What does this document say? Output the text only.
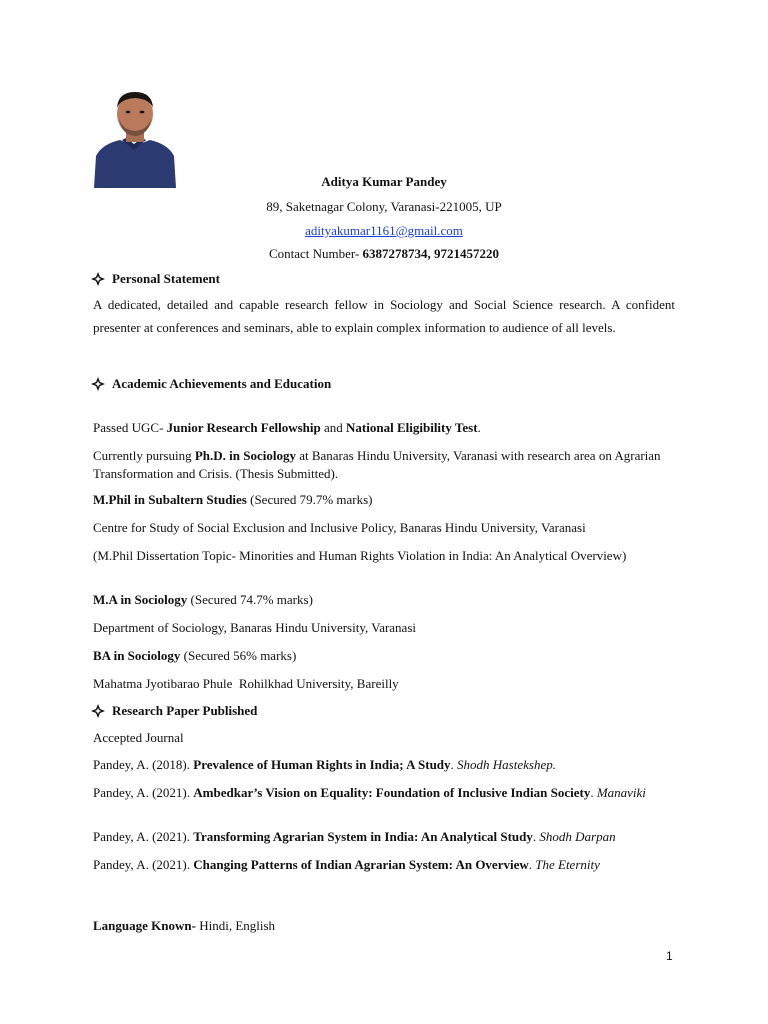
Aditya Kumar Pandey
89, Saketnagar Colony, Varanasi-221005, UP
adityakumar1161@gmail.com
Contact Number- 6387278734, 9721457220
Personal Statement
A dedicated, detailed and capable research fellow in Sociology and Social Science research. A confident presenter at conferences and seminars, able to explain complex information to audience of all levels.
Academic Achievements and Education
Passed UGC- Junior Research Fellowship and National Eligibility Test.
Currently pursuing Ph.D. in Sociology at Banaras Hindu University, Varanasi with research area on Agrarian Transformation and Crisis. (Thesis Submitted).
M.Phil in Subaltern Studies (Secured 79.7% marks)
Centre for Study of Social Exclusion and Inclusive Policy, Banaras Hindu University, Varanasi
(M.Phil Dissertation Topic- Minorities and Human Rights Violation in India: An Analytical Overview)
M.A in Sociology (Secured 74.7% marks)
Department of Sociology, Banaras Hindu University, Varanasi
BA in Sociology (Secured 56% marks)
Mahatma Jyotibarao Phule  Rohilkhad University, Bareilly
Research Paper Published
Accepted Journal
Pandey, A. (2018). Prevalence of Human Rights in India; A Study. Shodh Hastekshep.
Pandey, A. (2021). Ambedkar’s Vision on Equality: Foundation of Inclusive Indian Society. Manaviki
Pandey, A. (2021). Transforming Agrarian System in India: An Analytical Study. Shodh Darpan
Pandey, A. (2021). Changing Patterns of Indian Agrarian System: An Overview. The Eternity
Language Known- Hindi, English
1
